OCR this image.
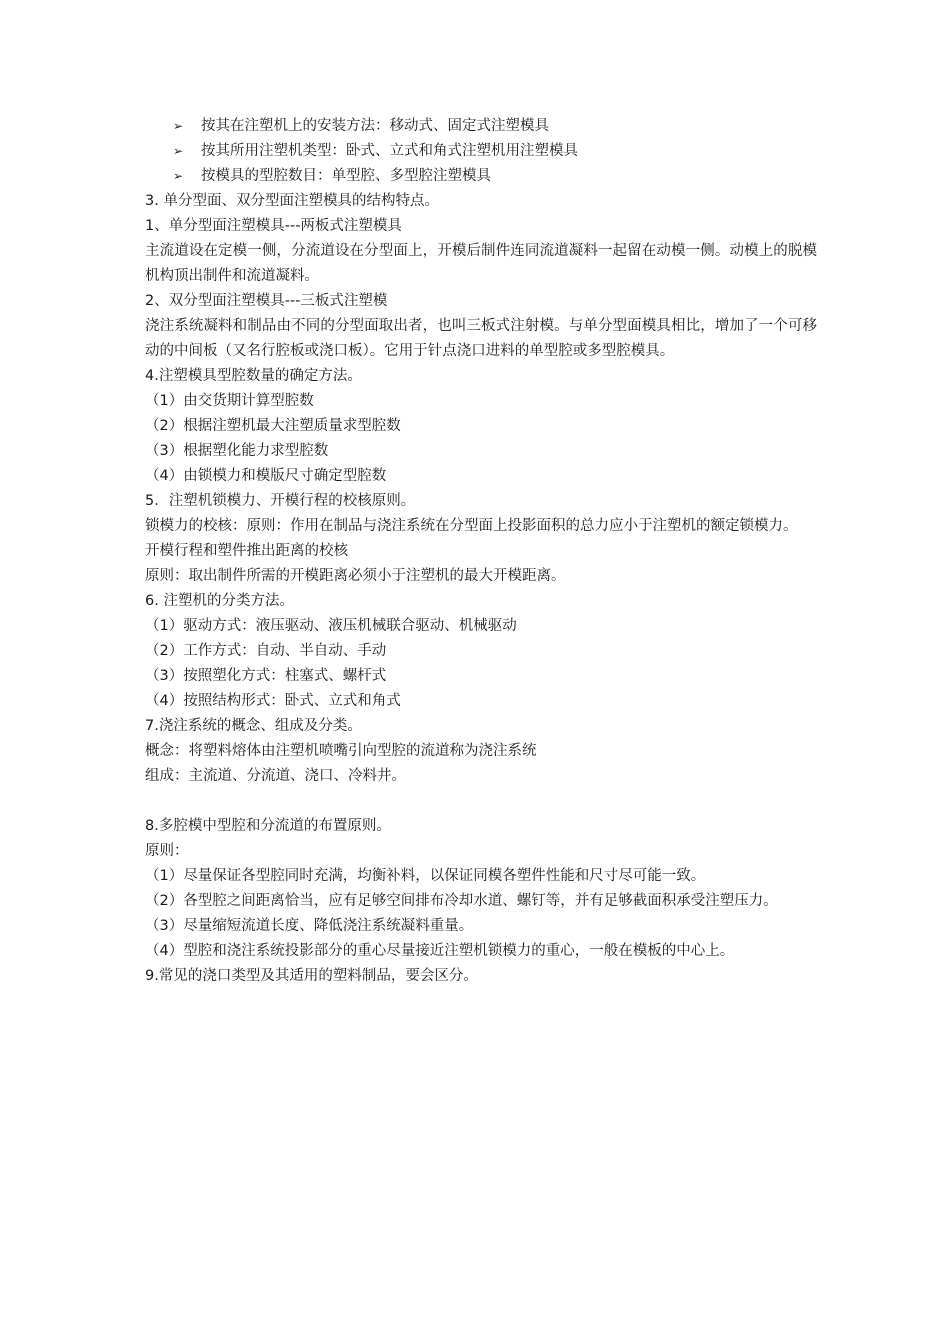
➢ 按其在注塑机上的安装方法：移动式、固定式注塑模具
➢ 按其所用注塑机类型：卧式、立式和角式注塑机用注塑模具
➢ 按模具的型腔数目：单型腔、多型腔注塑模具
3. 单分型面、双分型面注塑模具的结构特点。
1、单分型面注塑模具---两板式注塑模具
主流道设在定模一侧，分流道设在分型面上，开模后制件连同流道凝料一起留在动模一侧。动模上的脱模机构顶出制件和流道凝料。
2、双分型面注塑模具---三板式注塑模
浇注系统凝料和制品由不同的分型面取出者，也叫三板式注射模。与单分型面模具相比，增加了一个可移动的中间板（又名行腔板或浇口板）。它用于针点浇口进料的单型腔或多型腔模具。
4.注塑模具型腔数量的确定方法。
（1）由交货期计算型腔数
（2）根据注塑机最大注塑质量求型腔数
（3）根据塑化能力求型腔数
（4）由锁模力和模版尺寸确定型腔数
5．注塑机锁模力、开模行程的校核原则。
锁模力的校核：原则：作用在制品与浇注系统在分型面上投影面积的总力应小于注塑机的额定锁模力。
开模行程和塑件推出距离的校核
原则：取出制件所需的开模距离必须小于注塑机的最大开模距离。
6. 注塑机的分类方法。
（1）驱动方式：液压驱动、液压机械联合驱动、机械驱动
（2）工作方式：自动、半自动、手动
（3）按照塑化方式：柱塞式、螺杆式
（4）按照结构形式：卧式、立式和角式
7.浇注系统的概念、组成及分类。
概念：将塑料熔体由注塑机喷嘴引向型腔的流道称为浇注系统
组成：主流道、分流道、浇口、冷料井。
8.多腔模中型腔和分流道的布置原则。
原则：
（1）尽量保证各型腔同时充满，均衡补料，以保证同模各塑件性能和尺寸尽可能一致。
（2）各型腔之间距离恰当，应有足够空间排布冷却水道、螺钉等，并有足够截面积承受注塑压力。
（3）尽量缩短流道长度、降低浇注系统凝料重量。
（4）型腔和浇注系统投影部分的重心尽量接近注塑机锁模力的重心，一般在模板的中心上。
9.常见的浇口类型及其适用的塑料制品，要会区分。
